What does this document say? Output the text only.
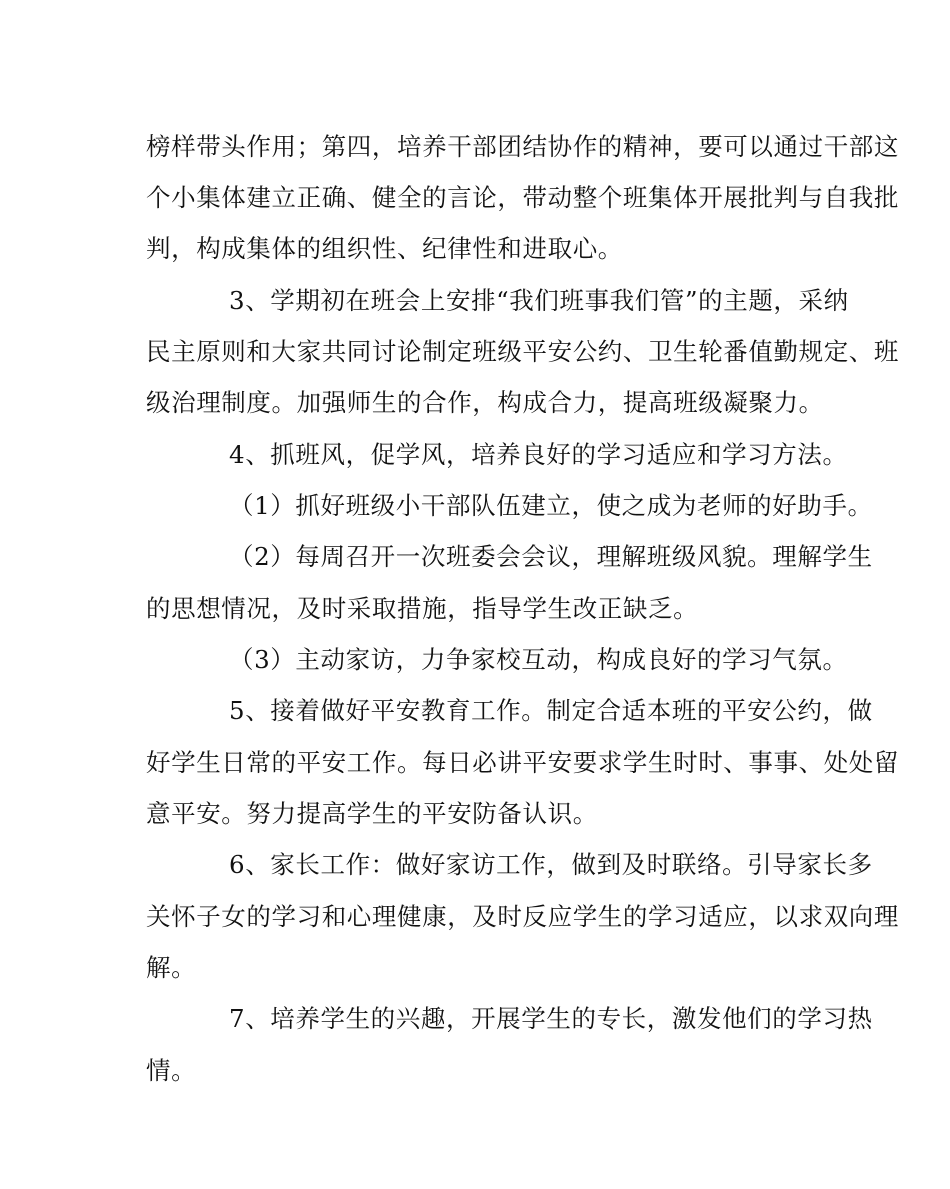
榜样带头作用；第四，培养干部团结协作的精神，要可以通过干部这
个小集体建立正确、健全的言论，带动整个班集体开展批判与自我批
判，构成集体的组织性、纪律性和进取心。
3、学期初在班会上安排“我们班事我们管”的主题，采纳
民主原则和大家共同讨论制定班级平安公约、卫生轮番值勤规定、班
级治理制度。加强师生的合作，构成合力，提高班级凝聚力。
4、抓班风，促学风，培养良好的学习适应和学习方法。
（1）抓好班级小干部队伍建立，使之成为老师的好助手。
（2）每周召开一次班委会会议，理解班级风貌。理解学生
的思想情况，及时采取措施，指导学生改正缺乏。
（3）主动家访，力争家校互动，构成良好的学习气氛。
5、接着做好平安教育工作。制定合适本班的平安公约，做
好学生日常的平安工作。每日必讲平安要求学生时时、事事、处处留
意平安。努力提高学生的平安防备认识。
6、家长工作：做好家访工作，做到及时联络。引导家长多
关怀子女的学习和心理健康，及时反应学生的学习适应，以求双向理
解。
7、培养学生的兴趣，开展学生的专长，激发他们的学习热
情。
